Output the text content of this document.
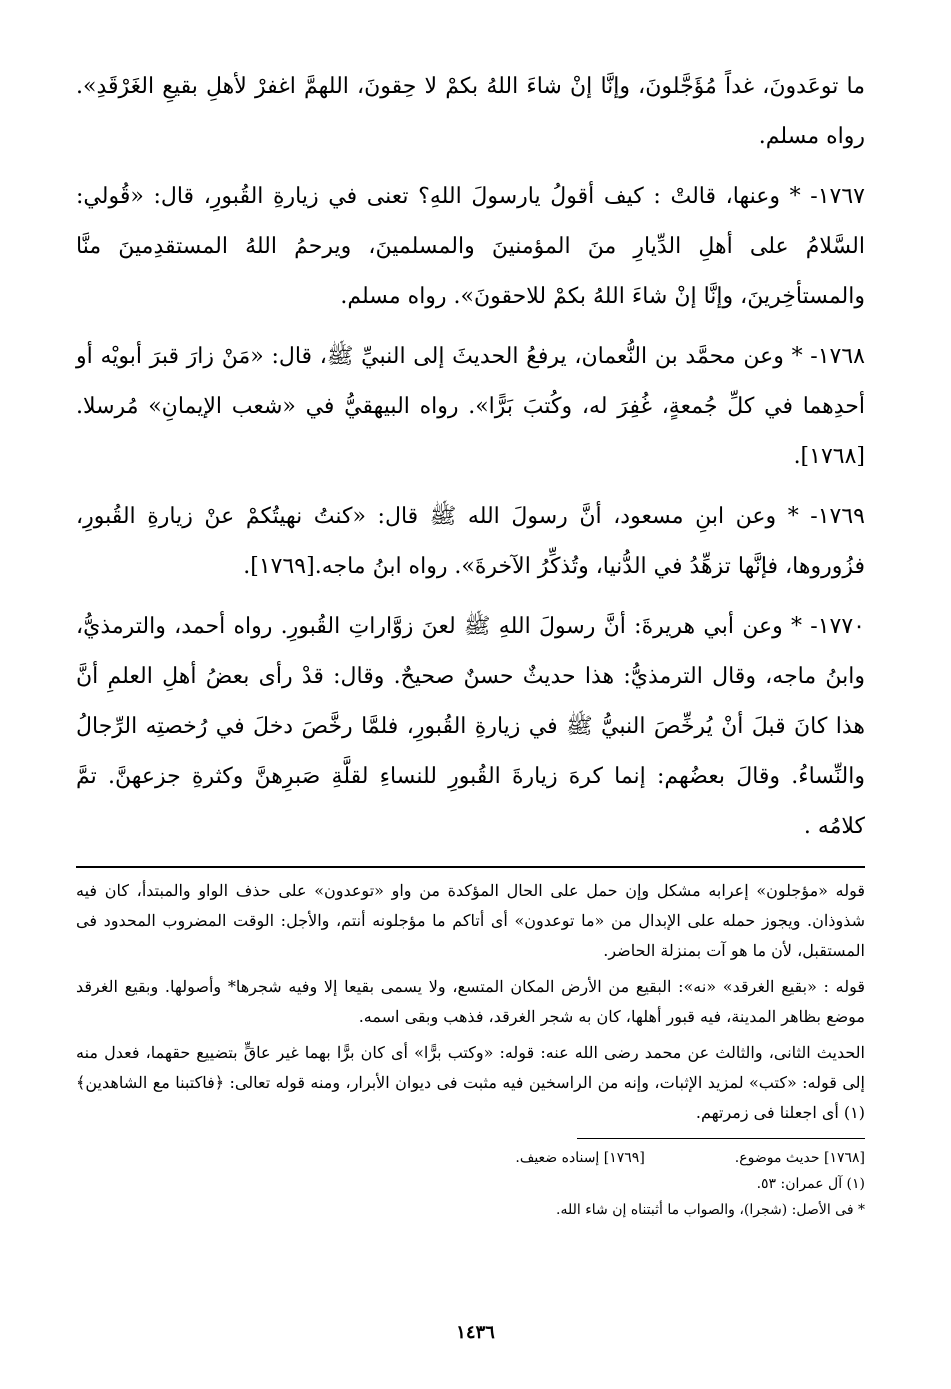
ما توعَدونَ، غداً مُؤَجَّلونَ، وإنَّا إنْ شاءَ اللهُ بكمْ لا حِقونَ، اللهمَّ اغفرْ لأهلِ بقيعِ الغَرْقَدِ». رواه مسلم.

١٧٦٧- * وعنها، قالتْ : كيف أقولُ يارسولَ اللهِ؟ تعنى في زيارةِ القُبورِ، قال: «قُولي: السَّلامُ على أهلِ الدِّيارِ منَ المؤمنينَ والمسلمينَ، ويرحمُ اللهُ المستقدِمينَ منَّا والمستأخِرينَ، وإنَّا إنْ شاءَ اللهُ بكمْ للاحقونَ». رواه مسلم.

١٧٦٨- * وعن محمَّد بن النُّعمان، يرفعُ الحديثَ إلى النبيِّ ﷺ، قال: «مَنْ زارَ قبرَ أبويْه أو أحدِهما في كلِّ جُمعةٍ، غُفِرَ له، وكُتبَ بَرًّا». رواه البيهقيُّ في «شعب الإيمانِ» مُرسلا. [١٧٦٨].

١٧٦٩- * وعن ابنِ مسعود، أنَّ رسولَ الله ﷺ قال: «كنتُ نهيتُكمْ عنْ زيارةِ القُبورِ، فزُوروها، فإنَّها تزهِّدُ في الدُّنيا، وتُذكِّرُ الآخرةَ». رواه ابنُ ماجه.[١٧٦٩].

١٧٧٠- * وعن أبي هريرةَ: أنَّ رسولَ اللهِ ﷺ لعنَ زوَّاراتِ القُبورِ. رواه أحمد، والترمذيُّ، وابنُ ماجه، وقال الترمذيُّ: هذا حديثٌ حسنٌ صحيحٌ. وقال: قدْ رأى بعضُ أهلِ العلمِ أنَّ هذا كانَ قبلَ أنْ يُرخِّصَ النبيُّ ﷺ في زيارةِ القُبورِ، فلمَّا رخَّصَ دخلَ في رُخصتِه الرِّجالُ والنِّساءُ. وقالَ بعضُهم: إنما كرهَ زيارةَ القُبورِ للنساءِ لقلَّةِ صَبرِهنَّ وكثرةِ جزعهنَّ. تمَّ كلامُه .

قوله «مؤجلون» إعرابه مشكل وإن حمل على الحال المؤكدة من واو «توعدون» على حذف الواو والمبتدأ، كان فيه شذوذان. ويجوز حمله على الإبدال من «ما توعدون» أى أتاكم ما مؤجلونه أنتم، والأجل: الوقت المضروب المحدود فى المستقبل، لأن ما هو آت بمنزلة الحاضر.

قوله : «بقيع الغرقد» «نه»: البقيع من الأرض المكان المتسع، ولا يسمى بقيعا إلا وفيه شجرها* وأصولها. وبقيع الغرقد موضع بظاهر المدينة، فيه قبور أهلها، كان به شجر الغرقد، فذهب وبقى اسمه.

الحديث الثانى، والثالث عن محمد رضى الله عنه: قوله: «وكتب برًّا» أى كان برًّا بهما غير عاقٍّ بتضييع حقهما، فعدل منه إلى قوله: «كتب» لمزيد الإثبات، وإنه من الراسخين فيه مثبت فى ديوان الأبرار، ومنه قوله تعالى: ﴿فاكتبنا مع الشاهدين﴾(١) أى اجعلنا فى زمرتهم.

[١٧٦٨] حديث موضوع.
[١٧٦٩] إسناده ضعيف.
(١) آل عمران: ٥٣.
* فى الأصل: (شجرا)، والصواب ما أثبتناه إن شاء الله.
١٤٣٦
